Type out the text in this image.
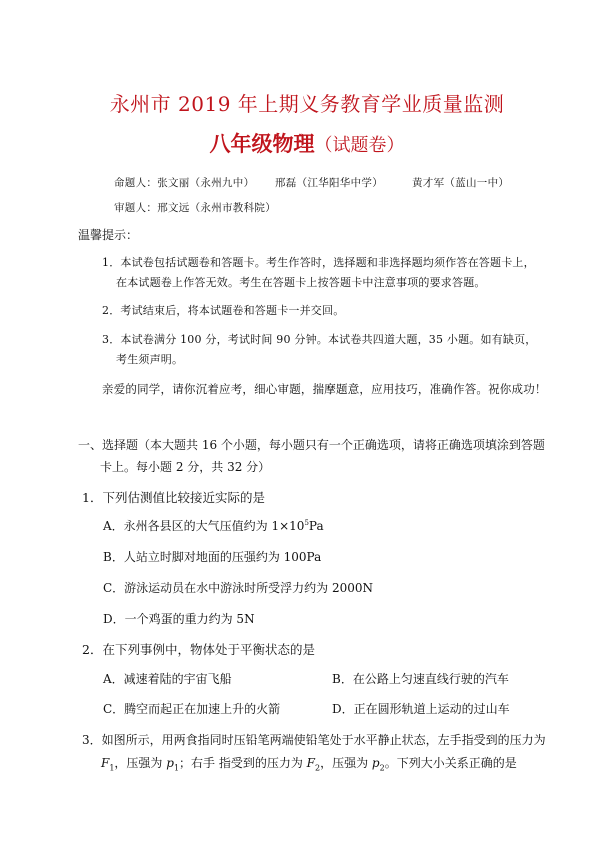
永州市 2019 年上期义务教育学业质量监测
八年级物理（试题卷）
命题人：张文丽（永州九中） 邢磊（江华阳华中学）	黄才军（蓝山一中）
审题人：邢文远（永州市教科院）
温馨提示：
1．本试卷包括试题卷和答题卡。考生作答时，选择题和非选择题均须作答在答题卡上，
在本试题卷上作答无效。考生在答题卡上按答题卡中注意事项的要求答题。
2．考试结束后，将本试题卷和答题卡一并交回。
3．本试卷满分 100 分，考试时间 90 分钟。本试卷共四道大题，35 小题。如有缺页，
考生须声明。
亲爱的同学，请你沉着应考，细心审题，揣摩题意，应用技巧，准确作答。祝你成功！
一、选择题（本大题共 16 个小题，每小题只有一个正确选项，请将正确选项填涂到答题
卡上。每小题 2 分，共 32 分）
1．下列估测值比较接近实际的是
A．永州各县区的大气压值约为 $1\times 10^5Pa$
B．人站立时脚对地面的压强约为 100Pa
C．游泳运动员在水中游泳时所受浮力约为 2000N
D．一个鸡蛋的重力约为 5N
2．在下列事例中，物体处于平衡状态的是
A．减速着陆的宇宙飞船	B．在公路上匀速直线行驶的汽车
C．腾空而起正在加速上升的火箭	D．正在圆形轨道上运动的过山车
3．如图所示，用两食指同时压铅笔两端使铅笔处于水平静止状态，左手指受到的压力为
$F_1$，压强为 $p_1$；右手 指受到的压力为 $F_2$，压强为 $p_2$。下列大小关系正确的是
